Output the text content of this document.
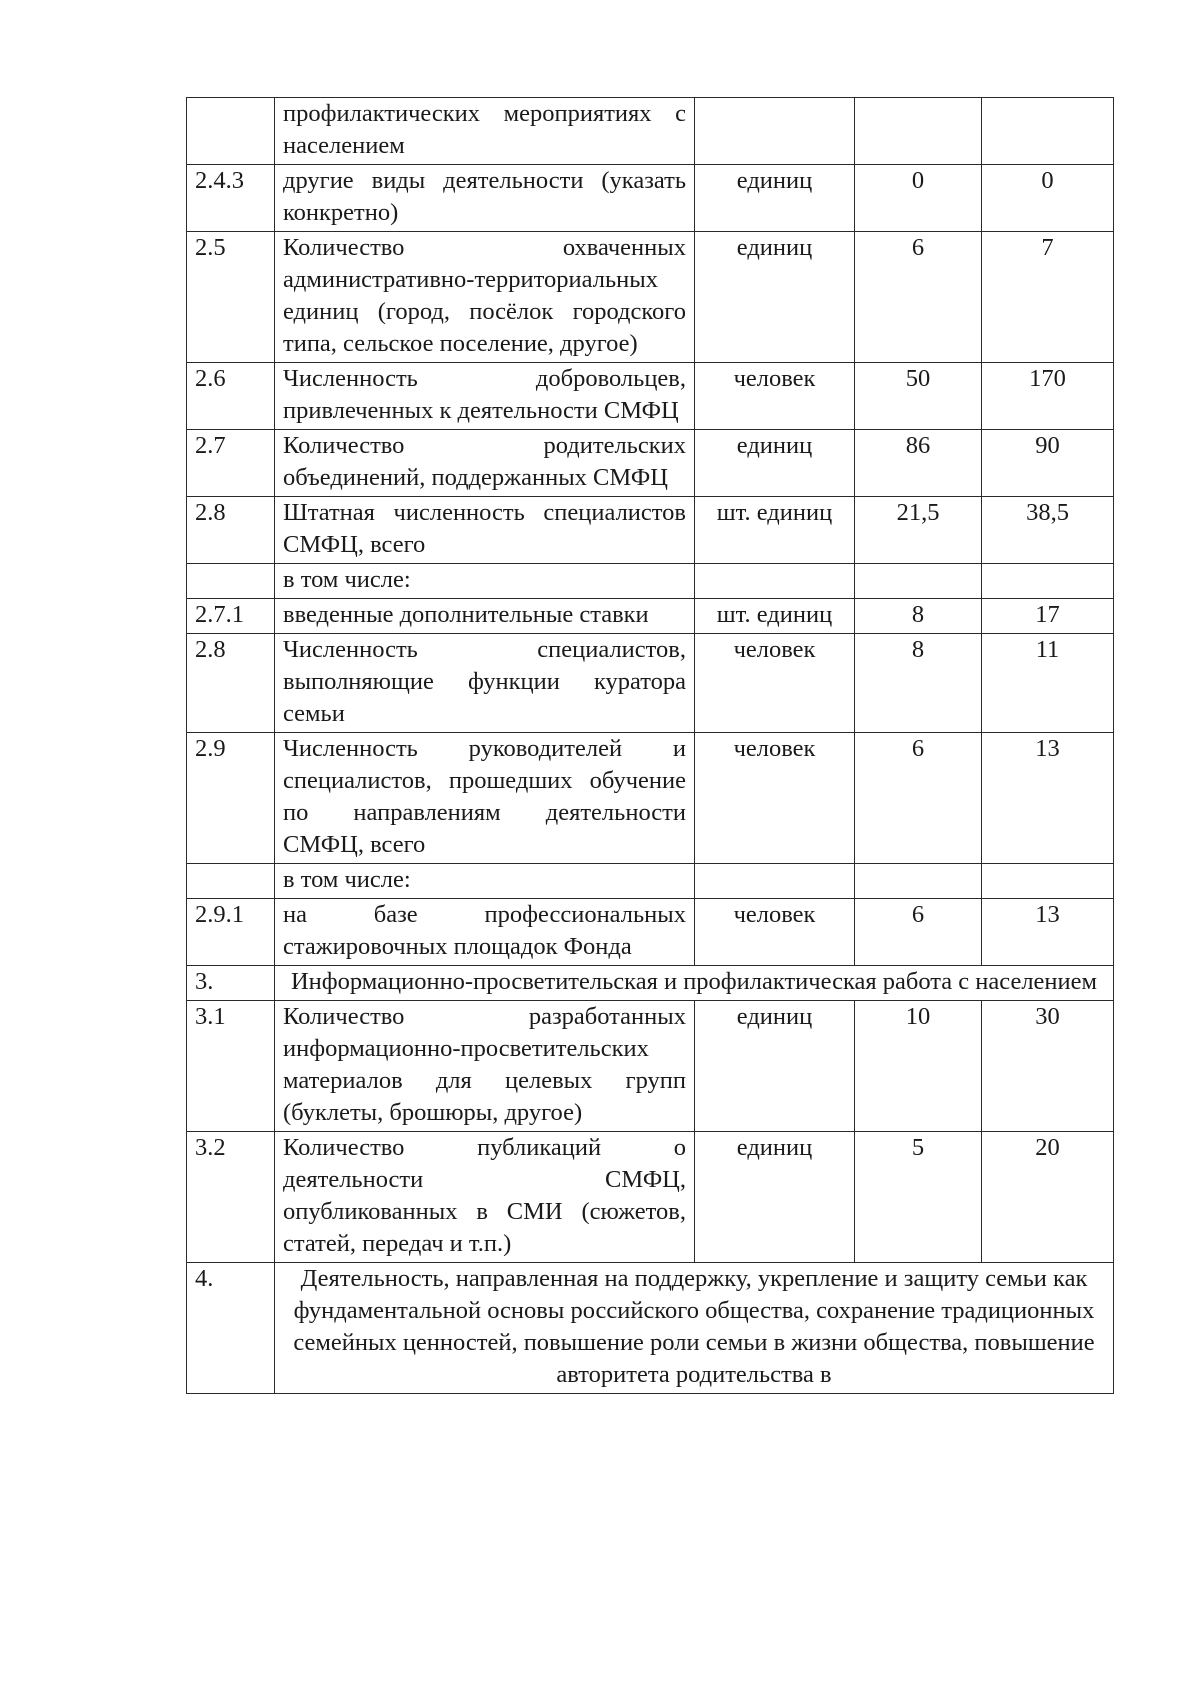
	профилактических мероприятиях с населением			
2.4.3	другие виды деятельности (указать конкретно)	единиц	0	0
2.5	Количество охваченных административно-территориальных единиц (город, посёлок городского типа, сельское поселение, другое)	единиц	6	7
2.6	Численность добровольцев, привлеченных к деятельности СМФЦ	человек	50	170
2.7	Количество родительских объединений, поддержанных СМФЦ	единиц	86	90
2.8	Штатная численность специалистов СМФЦ, всего	шт. единиц	21,5	38,5
	в том числе:			
2.7.1	введенные дополнительные ставки	шт. единиц	8	17
2.8	Численность специалистов, выполняющие функции куратора семьи	человек	8	11
2.9	Численность руководителей и специалистов, прошедших обучение по направлениям деятельности СМФЦ, всего	человек	6	13
	в том числе:			
2.9.1	на базе профессиональных стажировочных площадок Фонда	человек	6	13
3.	Информационно-просветительская и профилактическая работа с населением			
3.1	Количество разработанных информационно-просветительских материалов для целевых групп (буклеты, брошюры, другое)	единиц	10	30
3.2	Количество публикаций о деятельности СМФЦ, опубликованных в СМИ (сюжетов, статей, передач и т.п.)	единиц	5	20
4.	Деятельность, направленная на поддержку, укрепление и защиту семьи как фундаментальной основы российского общества, сохранение традиционных семейных ценностей, повышение роли семьи в жизни общества, повышение авторитета родительства в			
